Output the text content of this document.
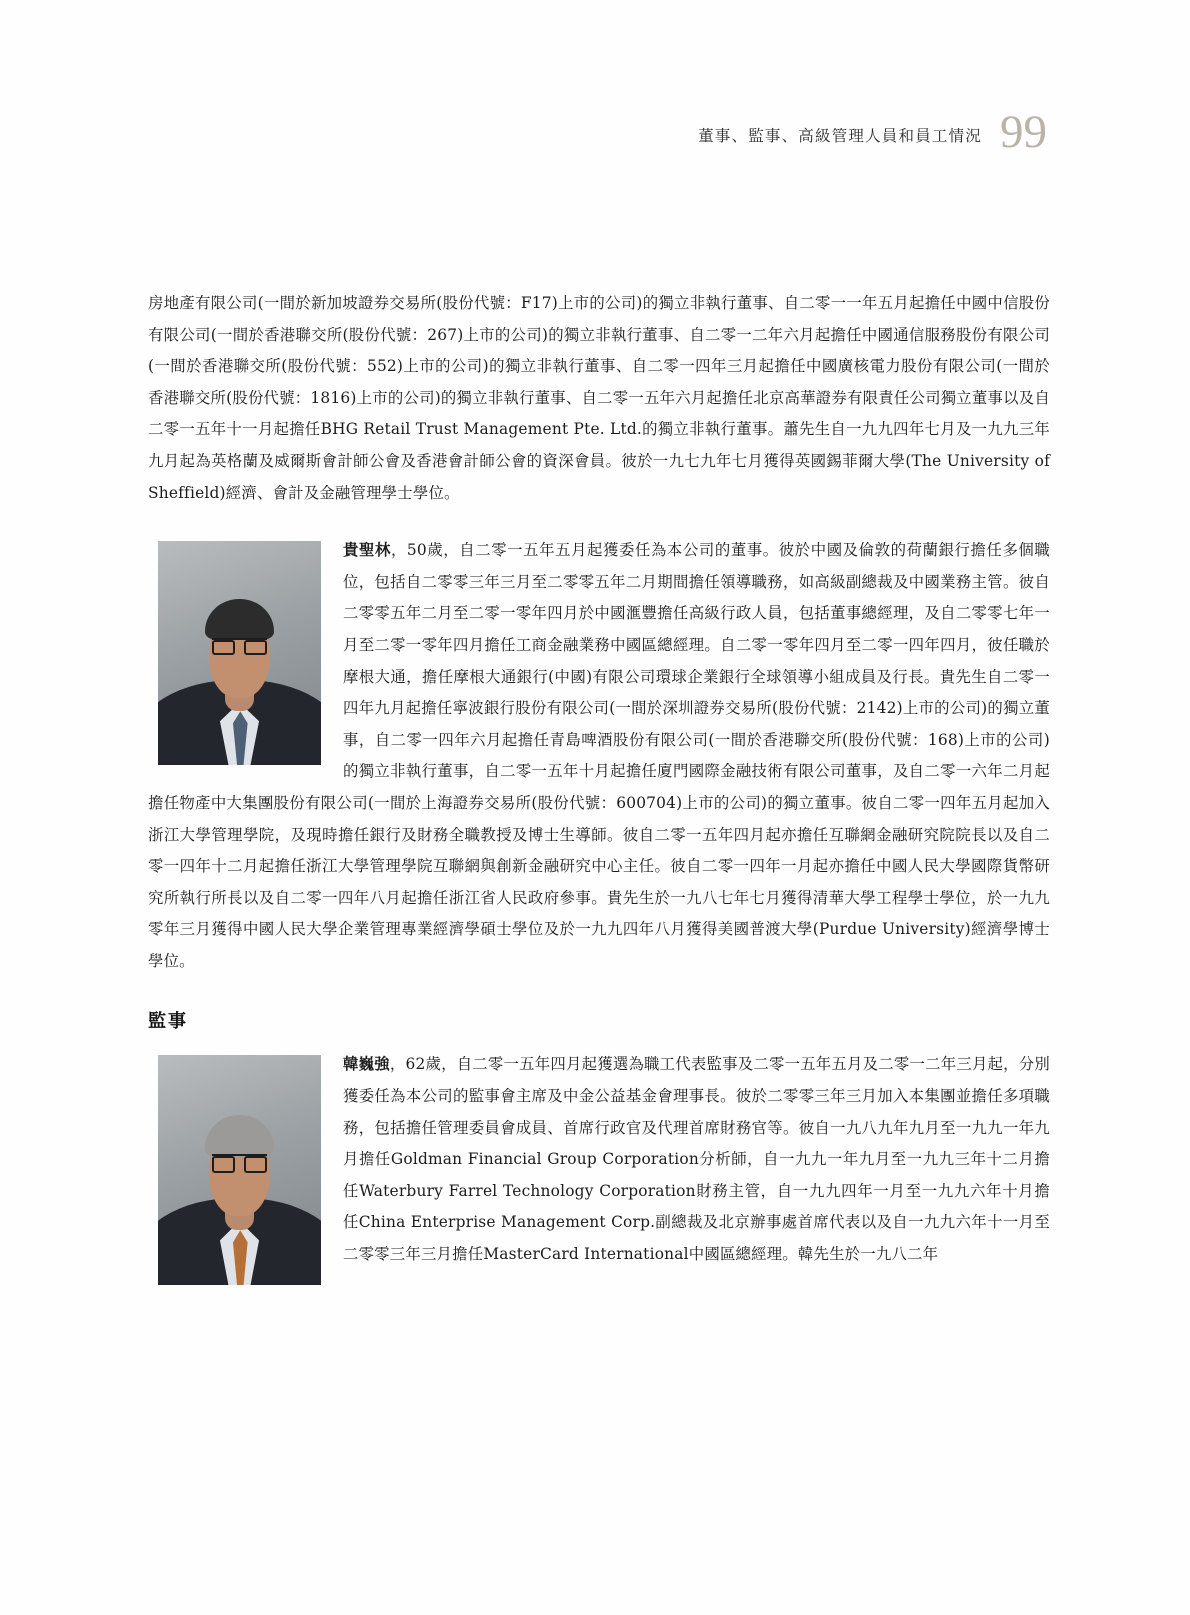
董事、監事、高級管理人員和員工情況 99

房地產有限公司(一間於新加坡證券交易所(股份代號：F17)上市的公司)的獨立非執行董事、自二零一一年五月起擔任中國中信股份有限公司(一間於香港聯交所(股份代號：267)上市的公司)的獨立非執行董事、自二零一二年六月起擔任中國通信服務股份有限公司(一間於香港聯交所(股份代號：552)上市的公司)的獨立非執行董事、自二零一四年三月起擔任中國廣核電力股份有限公司(一間於香港聯交所(股份代號：1816)上市的公司)的獨立非執行董事、自二零一五年六月起擔任北京高華證券有限責任公司獨立董事以及自二零一五年十一月起擔任BHG Retail Trust Management Pte. Ltd.的獨立非執行董事。蕭先生自一九九四年七月及一九九三年九月起為英格蘭及威爾斯會計師公會及香港會計師公會的資深會員。彼於一九七九年七月獲得英國錫菲爾大學(The University of Sheffield)經濟、會計及金融管理學士學位。

貴聖林，50歲，自二零一五年五月起獲委任為本公司的董事。彼於中國及倫敦的荷蘭銀行擔任多個職位，包括自二零零三年三月至二零零五年二月期間擔任領導職務，如高級副總裁及中國業務主管。彼自二零零五年二月至二零一零年四月於中國滙豐擔任高級行政人員，包括董事總經理，及自二零零七年一月至二零一零年四月擔任工商金融業務中國區總經理。自二零一零年四月至二零一四年四月，彼任職於摩根大通，擔任摩根大通銀行(中國)有限公司環球企業銀行全球領導小組成員及行長。貴先生自二零一四年九月起擔任寧波銀行股份有限公司(一間於深圳證券交易所(股份代號：2142)上市的公司)的獨立董事，自二零一四年六月起擔任青島啤酒股份有限公司(一間於香港聯交所(股份代號：168)上市的公司)的獨立非執行董事，自二零一五年十月起擔任廈門國際金融技術有限公司董事，及自二零一六年二月起擔任物產中大集團股份有限公司(一間於上海證券交易所(股份代號：600704)上市的公司)的獨立董事。彼自二零一四年五月起加入浙江大學管理學院，及現時擔任銀行及財務全職教授及博士生導師。彼自二零一五年四月起亦擔任互聯網金融研究院院長以及自二零一四年十二月起擔任浙江大學管理學院互聯網與創新金融研究中心主任。彼自二零一四年一月起亦擔任中國人民大學國際貨幣研究所執行所長以及自二零一四年八月起擔任浙江省人民政府參事。貴先生於一九八七年七月獲得清華大學工程學士學位，於一九九零年三月獲得中國人民大學企業管理專業經濟學碩士學位及於一九九四年八月獲得美國普渡大學(Purdue University)經濟學博士學位。

監事

韓巍強，62歲，自二零一五年四月起獲選為職工代表監事及二零一五年五月及二零一二年三月起，分別獲委任為本公司的監事會主席及中金公益基金會理事長。彼於二零零三年三月加入本集團並擔任多項職務，包括擔任管理委員會成員、首席行政官及代理首席財務官等。彼自一九八九年九月至一九九一年九月擔任Goldman Financial Group Corporation分析師，自一九九一年九月至一九九三年十二月擔任Waterbury Farrel Technology Corporation財務主管，自一九九四年一月至一九九六年十月擔任China Enterprise Management Corp.副總裁及北京辦事處首席代表以及自一九九六年十一月至二零零三年三月擔任MasterCard International中國區總經理。韓先生於一九八二年
